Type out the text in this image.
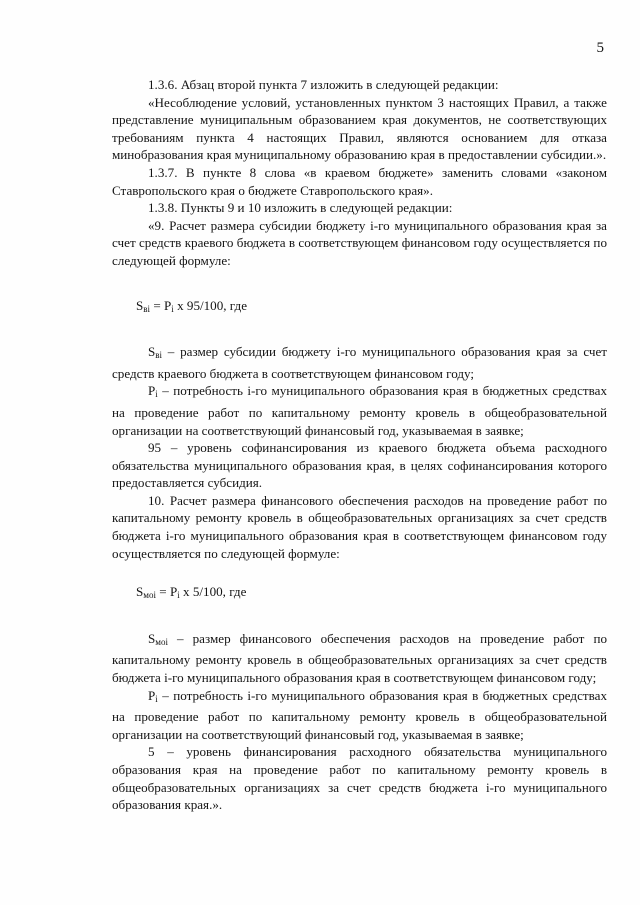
5

1.3.6. Абзац второй пункта 7 изложить в следующей редакции:

«Несоблюдение условий, установленных пунктом 3 настоящих Правил, а также представление муниципальным образованием края документов, не соответствующих требованиям пункта 4 настоящих Правил, являются основанием для отказа минобразования края муниципальному образованию края в предоставлении субсидии.».

1.3.7. В пункте 8 слова «в краевом бюджете» заменить словами «законом Ставропольского края о бюджете Ставропольского края».

1.3.8. Пункты 9 и 10 изложить в следующей редакции:

«9. Расчет размера субсидии бюджету i-го муниципального образования края за счет средств краевого бюджета в соответствующем финансовом году осуществляется по следующей формуле:

$S_{вi} = P_i$ x 95/100, где

$S_{вi}$ – размер субсидии бюджету i-го муниципального образования края за счет средств краевого бюджета в соответствующем финансовом году;

$P_i$ – потребность i-го муниципального образования края в бюджетных средствах на проведение работ по капитальному ремонту кровель в общеобразовательной организации на соответствующий финансовый год, указываемая в заявке;

95 – уровень софинансирования из краевого бюджета объема расходного обязательства муниципального образования края, в целях софинансирования которого предоставляется субсидия.

10. Расчет размера финансового обеспечения расходов на проведение работ по капитальному ремонту кровель в общеобразовательных организациях за счет средств бюджета i-го муниципального образования края в соответствующем финансовом году осуществляется по следующей формуле:

$S_{мoi} = P_i$ x 5/100, где

$S_{мoi}$ – размер финансового обеспечения расходов на проведение работ по капитальному ремонту кровель в общеобразовательных организациях за счет средств бюджета i-го муниципального образования края в соответствующем финансовом году;

$P_i$ – потребность i-го муниципального образования края в бюджетных средствах на проведение работ по капитальному ремонту кровель в общеобразовательной организации на соответствующий финансовый год, указываемая в заявке;

5 – уровень финансирования расходного обязательства муниципального образования края на проведение работ по капитальному ремонту кровель в общеобразовательных организациях за счет средств бюджета i-го муниципального образования края.».
